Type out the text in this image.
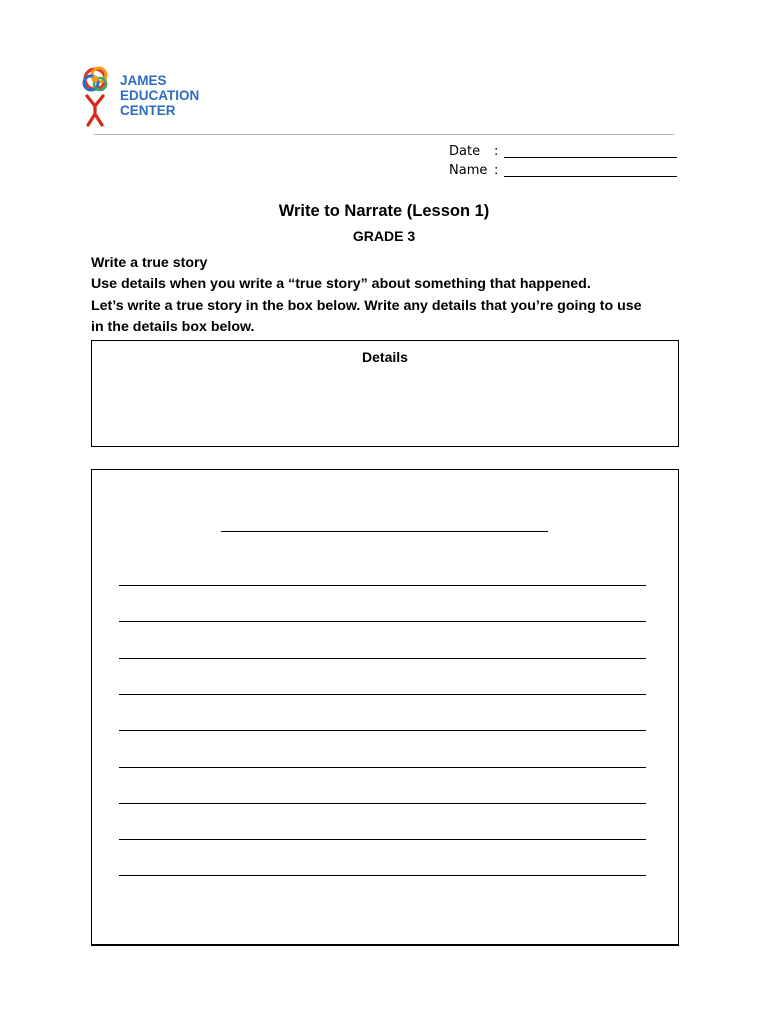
JAMES
EDUCATION
CENTER
Date	:
Name :
Write to Narrate (Lesson 1)
GRADE 3
Write a true story
Use details when you write a “true story” about something that happened.
Let’s write a true story in the box below. Write any details that you’re going to use
in the details box below.
Details
